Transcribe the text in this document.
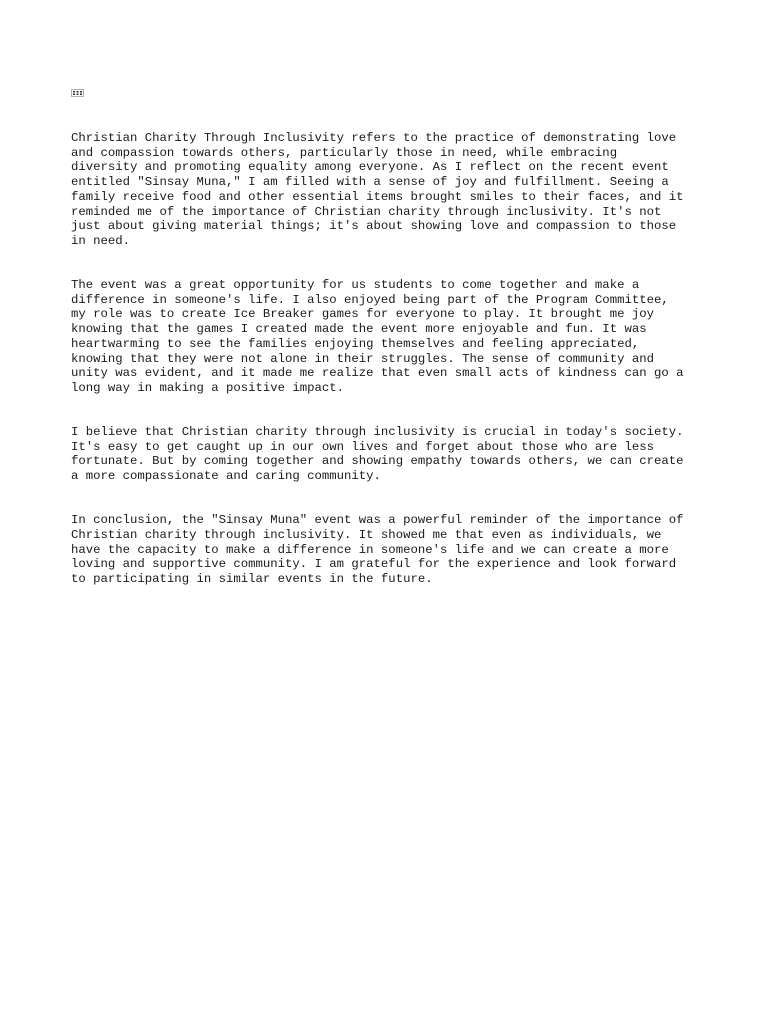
Christian Charity Through Inclusivity refers to the practice of demonstrating love
and compassion towards others, particularly those in need, while embracing
diversity and promoting equality among everyone. As I reflect on the recent event
entitled "Sinsay Muna," I am filled with a sense of joy and fulfillment. Seeing a
family receive food and other essential items brought smiles to their faces, and it
reminded me of the importance of Christian charity through inclusivity. It's not
just about giving material things; it's about showing love and compassion to those
in need.
The event was a great opportunity for us students to come together and make a
difference in someone's life. I also enjoyed being part of the Program Committee,
my role was to create Ice Breaker games for everyone to play. It brought me joy
knowing that the games I created made the event more enjoyable and fun. It was
heartwarming to see the families enjoying themselves and feeling appreciated,
knowing that they were not alone in their struggles. The sense of community and
unity was evident, and it made me realize that even small acts of kindness can go a
long way in making a positive impact.
I believe that Christian charity through inclusivity is crucial in today's society.
It's easy to get caught up in our own lives and forget about those who are less
fortunate. But by coming together and showing empathy towards others, we can create
a more compassionate and caring community.
In conclusion, the "Sinsay Muna" event was a powerful reminder of the importance of
Christian charity through inclusivity. It showed me that even as individuals, we
have the capacity to make a difference in someone's life and we can create a more
loving and supportive community. I am grateful for the experience and look forward
to participating in similar events in the future.
